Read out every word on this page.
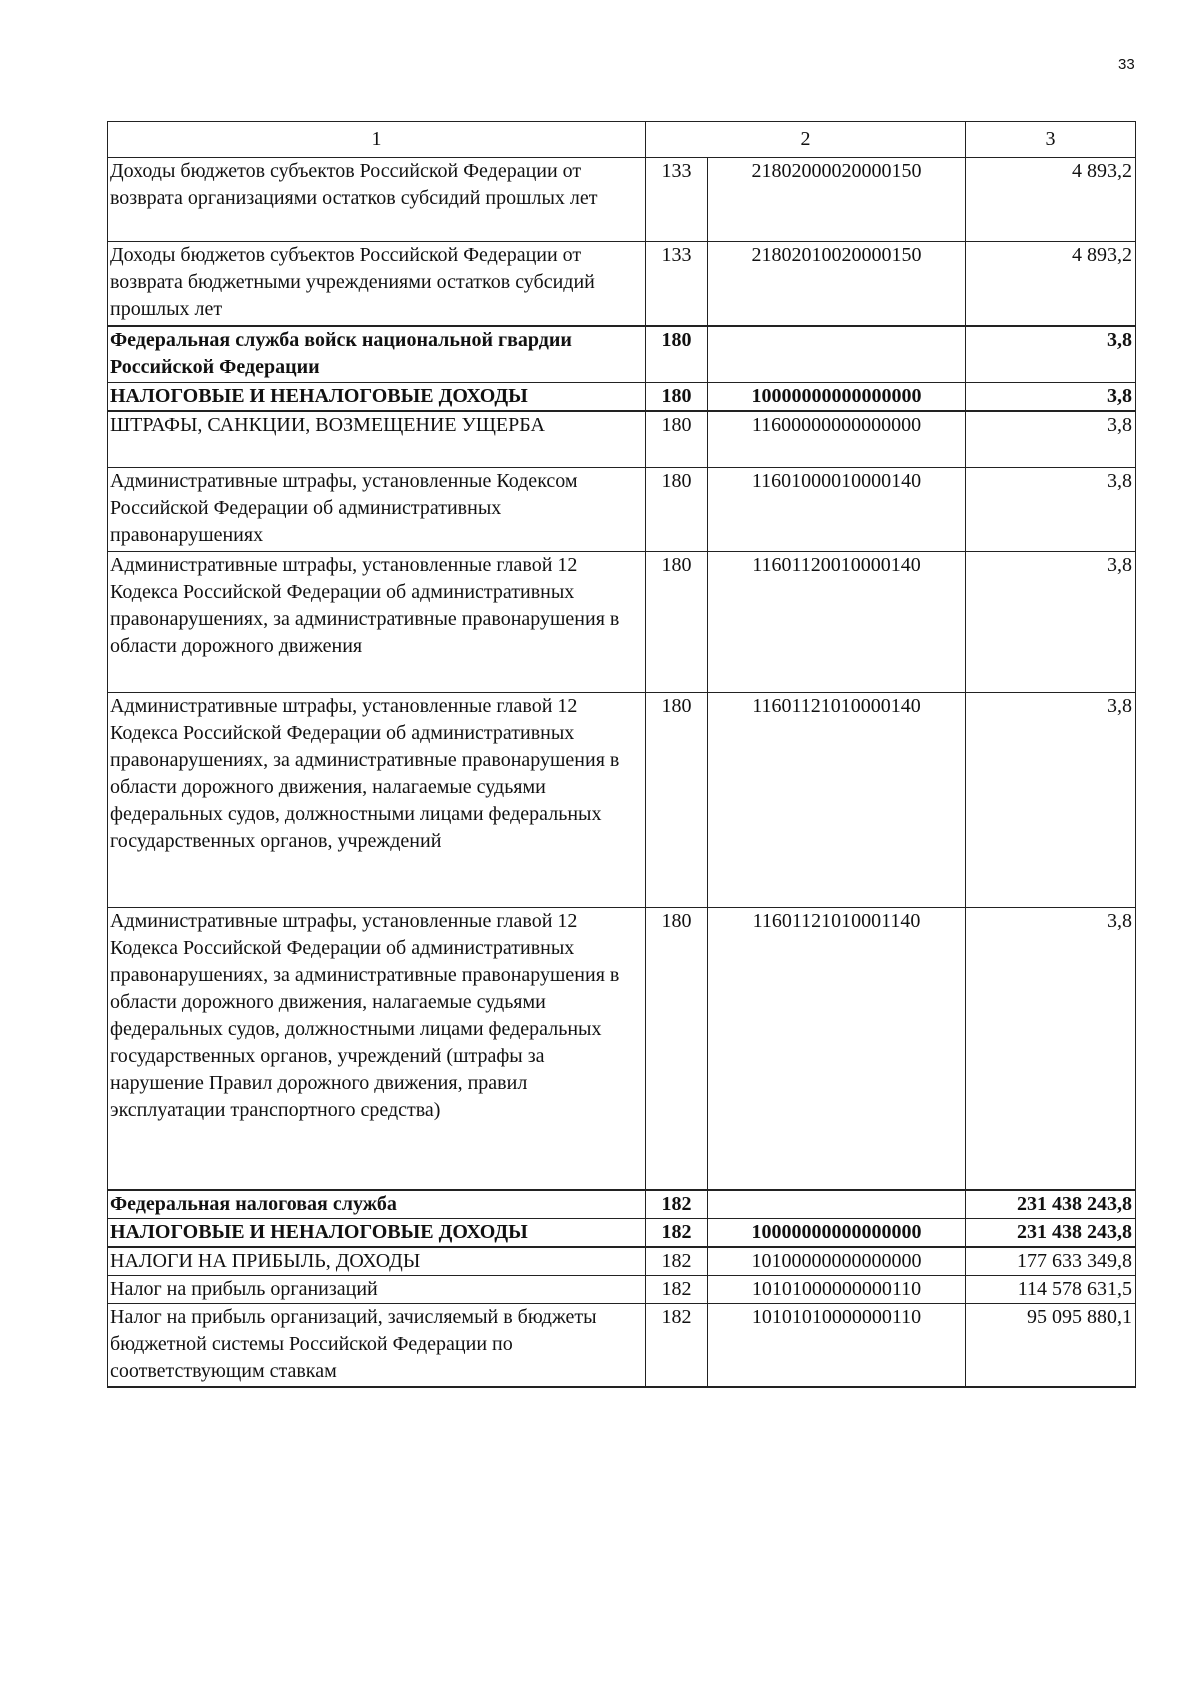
33
1	2		3
Доходы бюджетов субъектов Российской Федерации от возврата организациями остатков субсидий прошлых лет	133	21802000020000150	4 893,2
Доходы бюджетов субъектов Российской Федерации от возврата бюджетными учреждениями остатков субсидий прошлых лет	133	21802010020000150	4 893,2
Федеральная служба войск национальной гвардии Российской Федерации	180		3,8
НАЛОГОВЫЕ И НЕНАЛОГОВЫЕ ДОХОДЫ	180	10000000000000000	3,8
ШТРАФЫ, САНКЦИИ, ВОЗМЕЩЕНИЕ УЩЕРБА	180	11600000000000000	3,8
Административные штрафы, установленные Кодексом Российской Федерации об административных правонарушениях	180	11601000010000140	3,8
Административные штрафы, установленные главой 12 Кодекса Российской Федерации об административных правонарушениях, за административные правонарушения в области дорожного движения	180	11601120010000140	3,8
Административные штрафы, установленные главой 12 Кодекса Российской Федерации об административных правонарушениях, за административные правонарушения в области дорожного движения, налагаемые судьями федеральных судов, должностными лицами федеральных государственных органов, учреждений	180	11601121010000140	3,8
Административные штрафы, установленные главой 12 Кодекса Российской Федерации об административных правонарушениях, за административные правонарушения в области дорожного движения, налагаемые судьями федеральных судов, должностными лицами федеральных государственных органов, учреждений (штрафы за нарушение Правил дорожного движения, правил эксплуатации транспортного средства)	180	11601121010001140	3,8
Федеральная налоговая служба	182		231 438 243,8
НАЛОГОВЫЕ И НЕНАЛОГОВЫЕ ДОХОДЫ	182	10000000000000000	231 438 243,8
НАЛОГИ НА ПРИБЫЛЬ, ДОХОДЫ	182	10100000000000000	177 633 349,8
Налог на прибыль организаций	182	10101000000000110	114 578 631,5
Налог на прибыль организаций, зачисляемый в бюджеты бюджетной системы Российской Федерации по соответствующим ставкам	182	10101010000000110	95 095 880,1
